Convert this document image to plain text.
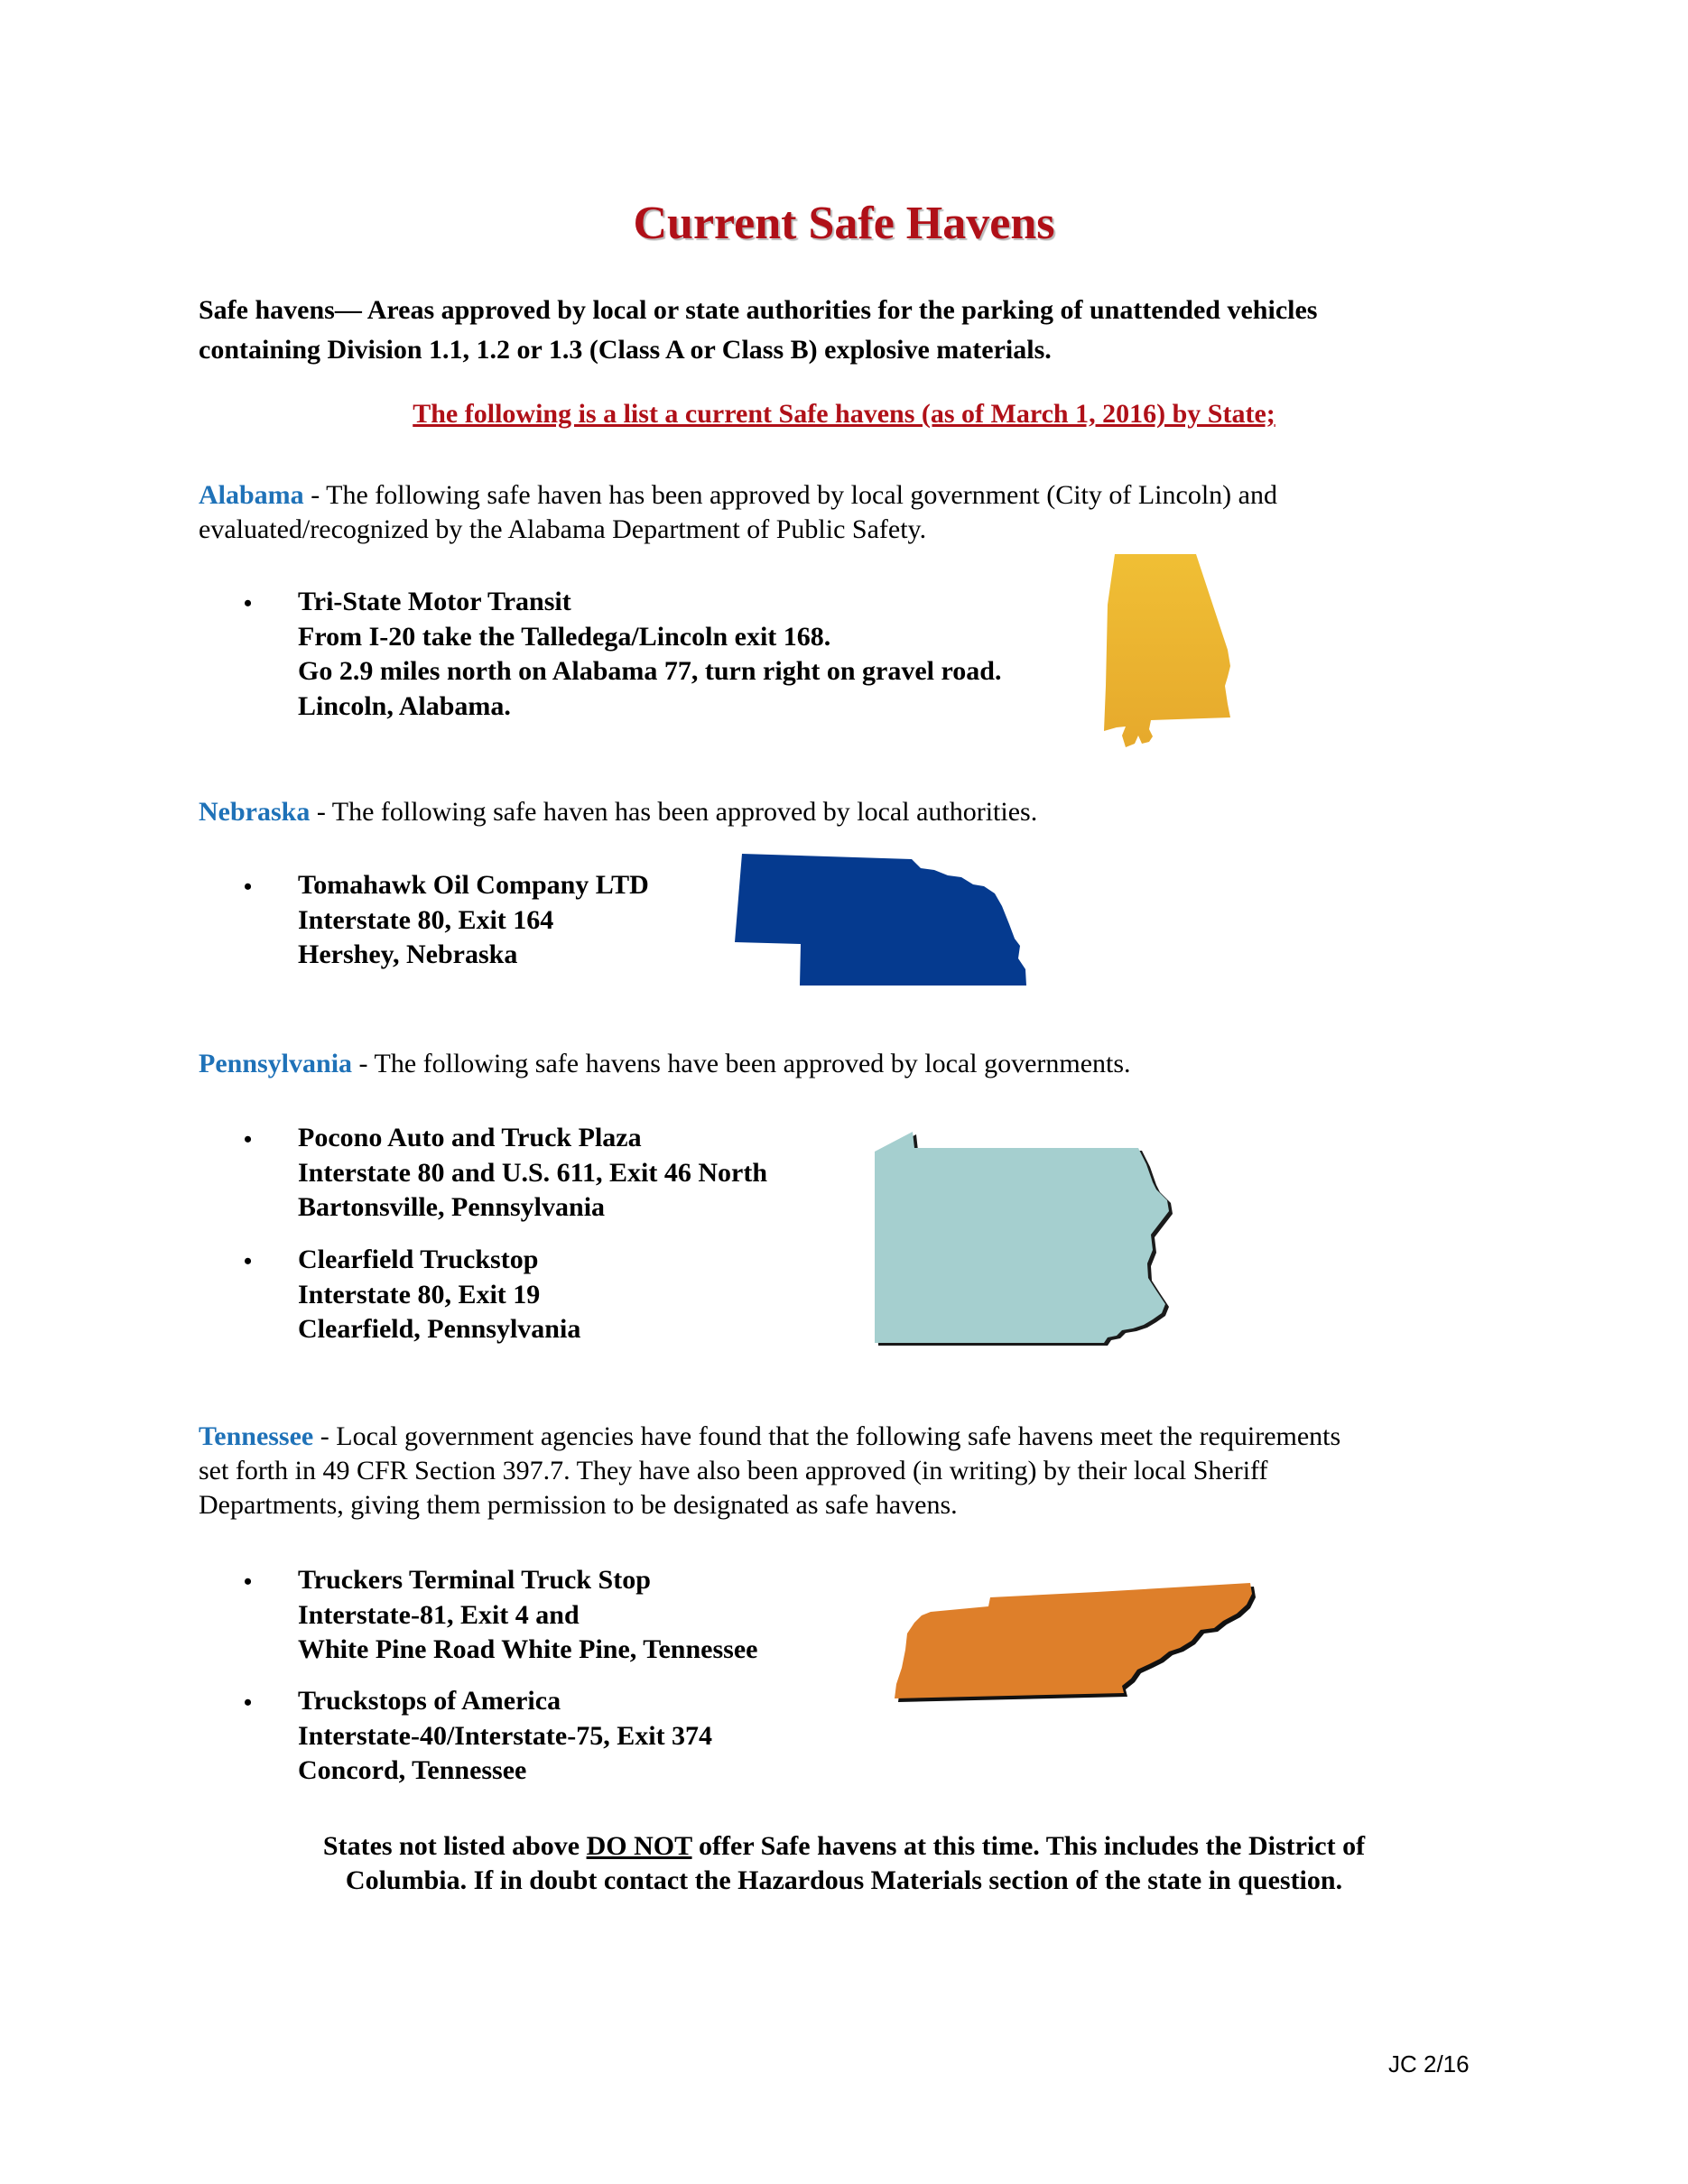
Current Safe Havens
Safe havens— Areas approved by local or state authorities for the parking of unattended vehicles
containing Division 1.1, 1.2 or 1.3 (Class A or Class B) explosive materials.
The following is a list a current Safe havens (as of March 1, 2016) by State;
Alabama - The following safe haven has been approved by local government (City of Lincoln) and
evaluated/recognized by the Alabama Department of Public Safety.
• Tri-State Motor Transit
From I-20 take the Talledega/Lincoln exit 168.
Go 2.9 miles north on Alabama 77, turn right on gravel road.
Lincoln, Alabama.
Nebraska - The following safe haven has been approved by local authorities.
• Tomahawk Oil Company LTD
Interstate 80, Exit 164
Hershey, Nebraska
Pennsylvania - The following safe havens have been approved by local governments.
• Pocono Auto and Truck Plaza
Interstate 80 and U.S. 611, Exit 46 North
Bartonsville, Pennsylvania
• Clearfield Truckstop
Interstate 80, Exit 19
Clearfield, Pennsylvania
Tennessee - Local government agencies have found that the following safe havens meet the requirements
set forth in 49 CFR Section 397.7. They have also been approved (in writing) by their local Sheriff
Departments, giving them permission to be designated as safe havens.
• Truckers Terminal Truck Stop
Interstate-81, Exit 4 and
White Pine Road White Pine, Tennessee
• Truckstops of America
Interstate-40/Interstate-75, Exit 374
Concord, Tennessee
States not listed above DO NOT offer Safe havens at this time. This includes the District of
Columbia. If in doubt contact the Hazardous Materials section of the state in question.
JC 2/16
